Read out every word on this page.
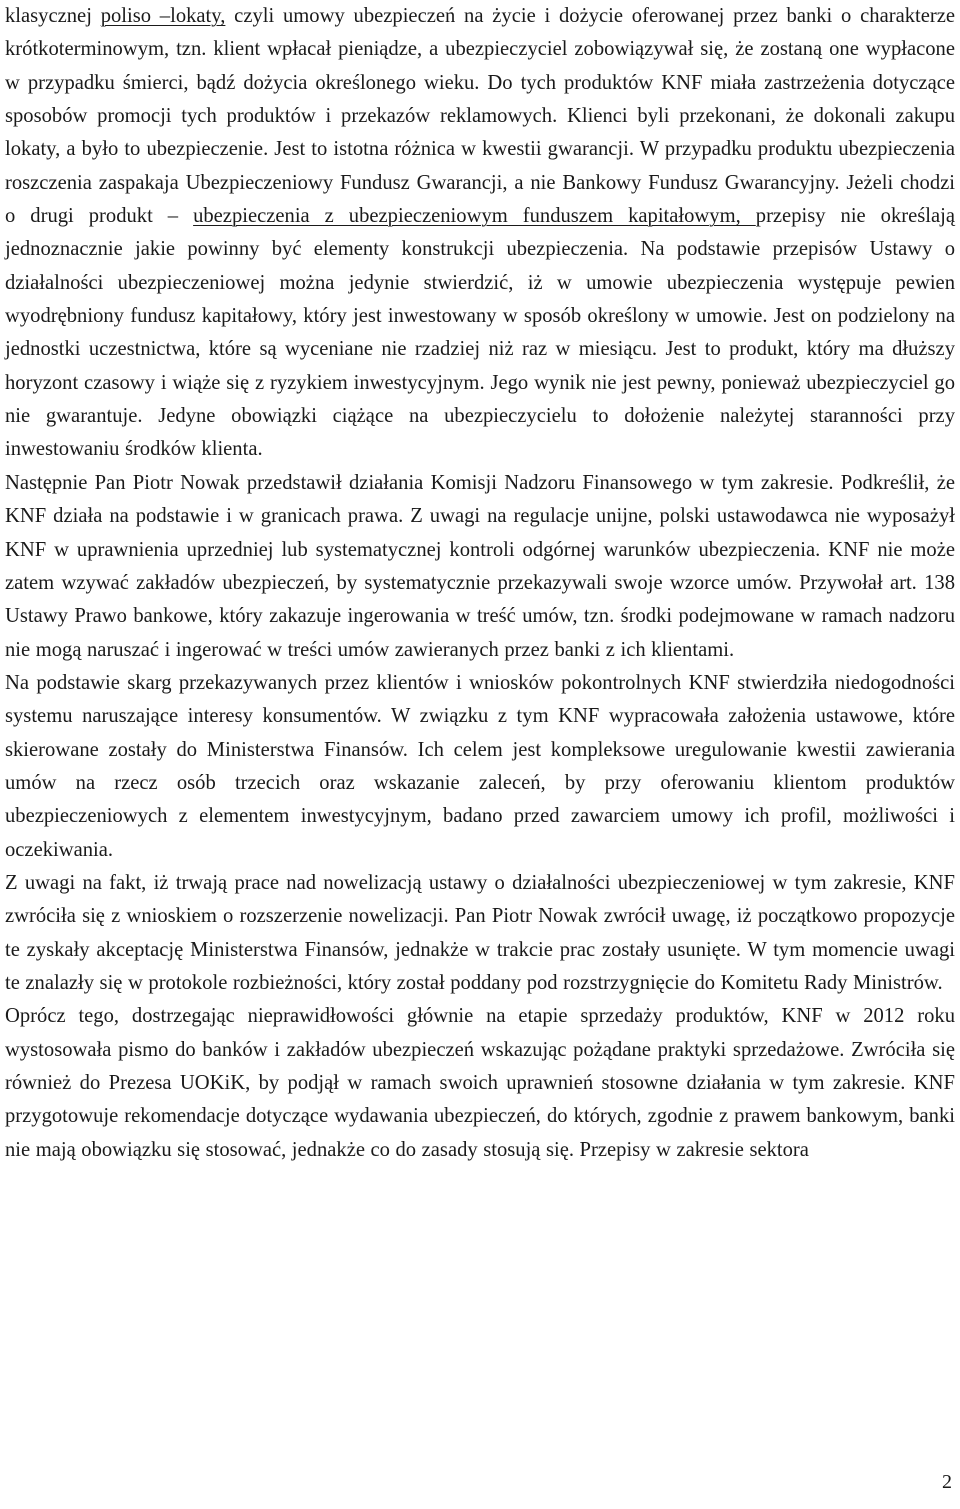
klasycznej poliso –lokaty, czyli umowy ubezpieczeń na życie i dożycie oferowanej przez banki o charakterze krótkoterminowym, tzn. klient wpłacał pieniądze, a ubezpieczyciel zobowiązywał się, że zostaną one wypłacone w przypadku śmierci, bądź dożycia określonego wieku. Do tych produktów KNF miała zastrzeżenia dotyczące sposobów promocji tych produktów i przekazów reklamowych. Klienci byli przekonani, że dokonali zakupu lokaty, a było to ubezpieczenie. Jest to istotna różnica w kwestii gwarancji. W przypadku produktu ubezpieczenia roszczenia zaspakaja Ubezpieczeniowy Fundusz Gwarancji, a nie Bankowy Fundusz Gwarancyjny. Jeżeli chodzi o drugi produkt – ubezpieczenia z ubezpieczeniowym funduszem kapitałowym, przepisy nie określają jednoznacznie jakie powinny być elementy konstrukcji ubezpieczenia. Na podstawie przepisów Ustawy o działalności ubezpieczeniowej można jedynie stwierdzić, iż w umowie ubezpieczenia występuje pewien wyodrębniony fundusz kapitałowy, który jest inwestowany w sposób określony w umowie. Jest on podzielony na jednostki uczestnictwa, które są wyceniane nie rzadziej niż raz w miesiącu. Jest to produkt, który ma dłuższy horyzont czasowy i wiąże się z ryzykiem inwestycyjnym. Jego wynik nie jest pewny, ponieważ ubezpieczyciel go nie gwarantuje. Jedyne obowiązki ciążące na ubezpieczycielu to dołożenie należytej staranności przy inwestowaniu środków klienta.

Następnie Pan Piotr Nowak przedstawił działania Komisji Nadzoru Finansowego w tym zakresie. Podkreślił, że KNF działa na podstawie i w granicach prawa. Z uwagi na regulacje unijne, polski ustawodawca nie wyposażył KNF w uprawnienia uprzedniej lub systematycznej kontroli odgórnej warunków ubezpieczenia. KNF nie może zatem wzywać zakładów ubezpieczeń, by systematycznie przekazywali swoje wzorce umów. Przywołał art. 138 Ustawy Prawo bankowe, który zakazuje ingerowania w treść umów, tzn. środki podejmowane w ramach nadzoru nie mogą naruszać i ingerować w treści umów zawieranych przez banki z ich klientami.

Na podstawie skarg przekazywanych przez klientów i wniosków pokontrolnych KNF stwierdziła niedogodności systemu naruszające interesy konsumentów. W związku z tym KNF wypracowała założenia ustawowe, które skierowane zostały do Ministerstwa Finansów. Ich celem jest kompleksowe uregulowanie kwestii zawierania umów na rzecz osób trzecich oraz wskazanie zaleceń, by przy oferowaniu klientom produktów ubezpieczeniowych z elementem inwestycyjnym, badano przed zawarciem umowy ich profil, możliwości i oczekiwania.

Z uwagi na fakt, iż trwają prace nad nowelizacją ustawy o działalności ubezpieczeniowej w tym zakresie, KNF zwróciła się z wnioskiem o rozszerzenie nowelizacji. Pan Piotr Nowak zwrócił uwagę, iż początkowo propozycje te zyskały akceptację Ministerstwa Finansów, jednakże w trakcie prac zostały usunięte. W tym momencie uwagi te znalazły się w protokole rozbieżności, który został poddany pod rozstrzygnięcie do Komitetu Rady Ministrów.

Oprócz tego, dostrzegając nieprawidłowości głównie na etapie sprzedaży produktów, KNF w 2012 roku wystosowała pismo do banków i zakładów ubezpieczeń wskazując pożądane praktyki sprzedażowe. Zwróciła się również do Prezesa UOKiK, by podjął w ramach swoich uprawnień stosowne działania w tym zakresie. KNF przygotowuje rekomendacje dotyczące wydawania ubezpieczeń, do których, zgodnie z prawem bankowym, banki nie mają obowiązku się stosować, jednakże co do zasady stosują się. Przepisy w zakresie sektora

2
